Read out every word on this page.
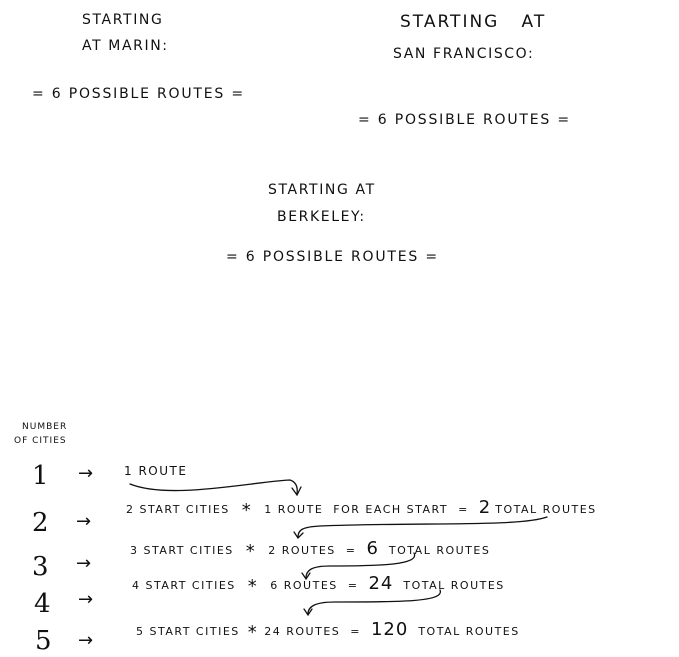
STARTING
AT MARIN:
= 6 POSSIBLE ROUTES =
STARTING   AT
SAN FRANCISCO:
= 6 POSSIBLE ROUTES =
STARTING AT
BERKELEY:
= 6 POSSIBLE ROUTES =
NUMBER
OF CITIES
1
2
3
4
5
→
→
→
→
→
1 ROUTE
2 START CITIES * 1 ROUTE FOR EACH START = 2 TOTAL ROUTES
3 START CITIES * 2 ROUTES = 6 TOTAL ROUTES
4 START CITIES * 6 ROUTES = 24 TOTAL ROUTES
5 START CITIES * 24 ROUTES = 120 TOTAL ROUTES
